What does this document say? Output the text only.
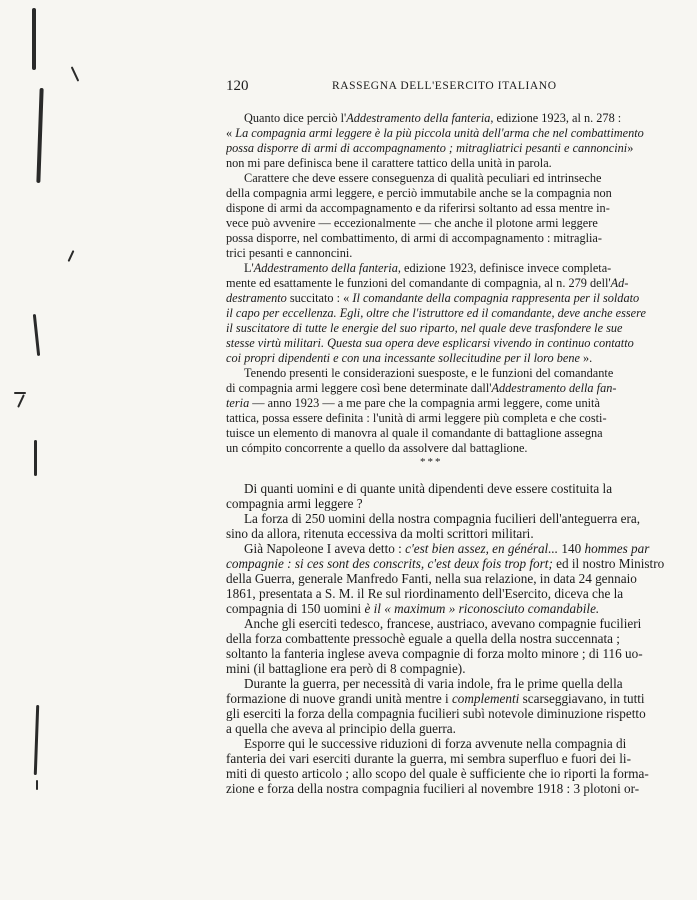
120	RASSEGNA DELL'ESERCITO ITALIANO
Quanto dice perciò l'Addestramento della fanteria, edizione 1923, al n. 278 :
« La compagnia armi leggere è la più piccola unità dell'arma che nel combattimento
possa disporre di armi di accompagnamento ; mitragliatrici pesanti e cannoncini»
non mi pare definisca bene il carattere tattico della unità in parola.
Carattere che deve essere conseguenza di qualità peculiari ed intrinseche
della compagnia armi leggere, e perciò immutabile anche se la compagnia non
dispone di armi da accompagnamento e da riferirsi soltanto ad essa mentre in-
vece può avvenire — eccezionalmente — che anche il plotone armi leggere
possa disporre, nel combattimento, di armi di accompagnamento : mitraglia-
trici pesanti e cannoncini.
L'Addestramento della fanteria, edizione 1923, definisce invece completa-
mente ed esattamente le funzioni del comandante di compagnia, al n. 279 dell'Ad-
destramento succitato : « Il comandante della compagnia rappresenta per il soldato
il capo per eccellenza. Egli, oltre che l'istruttore ed il comandante, deve anche essere
il suscitatore di tutte le energie del suo riparto, nel quale deve trasfondere le sue
stesse virtù militari. Questa sua opera deve esplicarsi vivendo in continuo contatto
coi propri dipendenti e con una incessante sollecitudine per il loro bene ».
Tenendo presenti le considerazioni suesposte, e le funzioni del comandante
di compagnia armi leggere così bene determinate dall'Addestramento della fan-
teria — anno 1923 — a me pare che la compagnia armi leggere, come unità
tattica, possa essere definita : l'unità di armi leggere più completa e che costi-
tuisce un elemento di manovra al quale il comandante di battaglione assegna
un cómpito concorrente a quello da assolvere dal battaglione.
***
Di quanti uomini e di quante unità dipendenti deve essere costituita la
compagnia armi leggere ?
La forza di 250 uomini della nostra compagnia fucilieri dell'anteguerra era,
sino da allora, ritenuta eccessiva da molti scrittori militari.
Già Napoleone I aveva detto : c'est bien assez, en général... 140 hommes par
compagnie : si ces sont des conscrits, c'est deux fois trop fort; ed il nostro Ministro
della Guerra, generale Manfredo Fanti, nella sua relazione, in data 24 gennaio
1861, presentata a S. M. il Re sul riordinamento dell'Esercito, diceva che la
compagnia di 150 uomini è il « maximum » riconosciuto comandabile.
Anche gli eserciti tedesco, francese, austriaco, avevano compagnie fucilieri
della forza combattente pressochè eguale a quella della nostra succennata ;
soltanto la fanteria inglese aveva compagnie di forza molto minore ; di 116 uo-
mini (il battaglione era però di 8 compagnie).
Durante la guerra, per necessità di varia indole, fra le prime quella della
formazione di nuove grandi unità mentre i complementi scarseggiavano, in tutti
gli eserciti la forza della compagnia fucilieri subì notevole diminuzione rispetto
a quella che aveva al principio della guerra.
Esporre qui le successive riduzioni di forza avvenute nella compagnia di
fanteria dei vari eserciti durante la guerra, mi sembra superfluo e fuori dei li-
miti di questo articolo ; allo scopo del quale è sufficiente che io riporti la forma-
zione e forza della nostra compagnia fucilieri al novembre 1918 : 3 plotoni or-
